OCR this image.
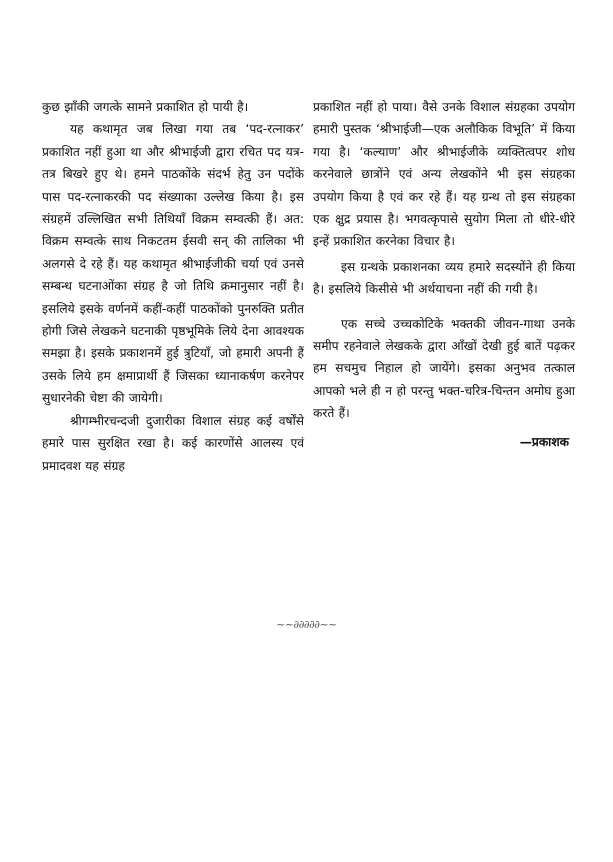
कुछ झाँकी जगत्के सामने प्रकाशित हो पायी है।

यह कथामृत जब लिखा गया तब ‘पद-रत्नाकर’ प्रकाशित नहीं हुआ था और श्रीभाईजी द्वारा रचित पद यत्र-तत्र बिखरे हुए थे। हमने पाठकोंके संदर्भ हेतु उन पदोंके पास पद-रत्नाकरकी पद संख्याका उल्लेख किया है। इस संग्रहमें उल्लिखित सभी तिथियाँ विक्रम सम्वत्की हैं। अत: विक्रम सम्वत्के साथ निकटतम ईसवी सन् की तालिका भी अलगसे दे रहे हैं। यह कथामृत श्रीभाईजीकी चर्या एवं उनसे सम्बन्ध घटनाओंका संग्रह है जो तिथि क्रमानुसार नहीं है। इसलिये इसके वर्णनमें कहीं-कहीं पाठकोंको पुनरुक्ति प्रतीत होगी जिसे लेखकने घटनाकी पृष्ठभूमिके लिये देना आवश्यक समझा है। इसके प्रकाशनमें हुई त्रुटियाँ, जो हमारी अपनी हैं उसके लिये हम क्षमाप्रार्थी हैं जिसका ध्यानाकर्षण करनेपर सुधारनेकी चेष्टा की जायेगी।

श्रीगम्भीरचन्दजी दुजारीका विशाल संग्रह कई वर्षोंसे हमारे पास सुरक्षित रखा है। कई कारणोंसे आलस्य एवं प्रमादवश यह संग्रह

प्रकाशित नहीं हो पाया। वैसे उनके विशाल संग्रहका उपयोग हमारी पुस्तक ‘श्रीभाईजी—एक अलौकिक विभूति’ में किया गया है। ‘कल्याण’ और श्रीभाईजीके व्यक्तित्वपर शोध करनेवाले छात्रोंने एवं अन्य लेखकोंने भी इस संग्रहका उपयोग किया है एवं कर रहे हैं। यह ग्रन्थ तो इस संग्रहका एक क्षुद्र प्रयास है। भगवत्कृपासे सुयोग मिला तो धीरे-धीरे इन्हें प्रकाशित करनेका विचार है।

इस ग्रन्थके प्रकाशनका व्यय हमारे सदस्योंने ही किया है। इसलिये किसीसे भी अर्थयाचना नहीं की गयी है।

एक सच्चे उच्चकोटिके भक्तकी जीवन-गाथा उनके समीप रहनेवाले लेखकके द्वारा आँखों देखी हुई बातें पढ़कर हम सचमुच निहाल हो जायेंगे। इसका अनुभव तत्काल आपको भले ही न हो परन्तु भक्त-चरित्र-चिन्तन अमोघ हुआ करते हैं।

—प्रकाशक
~~∂∂∂∂∂~~
